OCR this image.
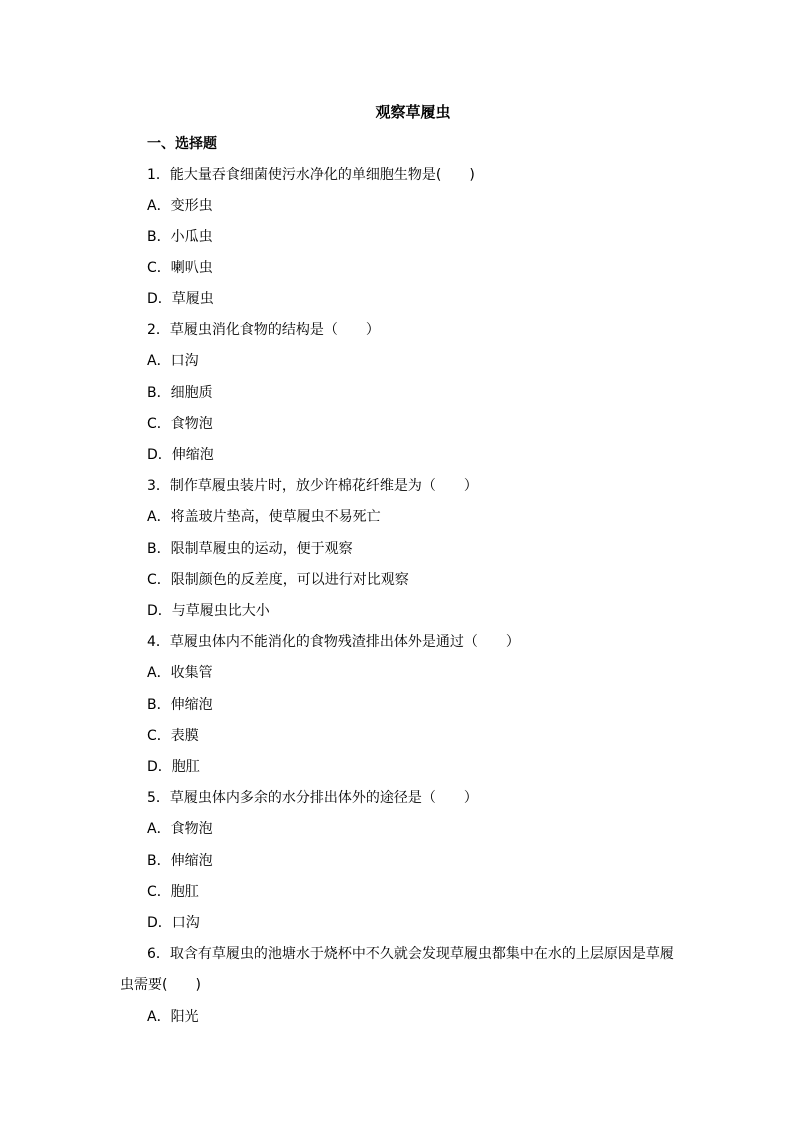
观察草履虫
一、选择题
1．能大量吞食细菌使污水净化的单细胞生物是( )
A．变形虫
B．小瓜虫
C．喇叭虫
D．草履虫
2．草履虫消化食物的结构是（ ）
A．口沟
B．细胞质
C．食物泡
D．伸缩泡
3．制作草履虫装片时，放少许棉花纤维是为（ ）
A．将盖玻片垫高，使草履虫不易死亡
B．限制草履虫的运动，便于观察
C．限制颜色的反差度，可以进行对比观察
D．与草履虫比大小
4．草履虫体内不能消化的食物残渣排出体外是通过（ ）
A．收集管
B．伸缩泡
C．表膜
D．胞肛
5．草履虫体内多余的水分排出体外的途径是（ ）
A．食物泡
B．伸缩泡
C．胞肛
D．口沟
6．取含有草履虫的池塘水于烧杯中不久就会发现草履虫都集中在水的上层原因是草履
虫需要( )
A．阳光
